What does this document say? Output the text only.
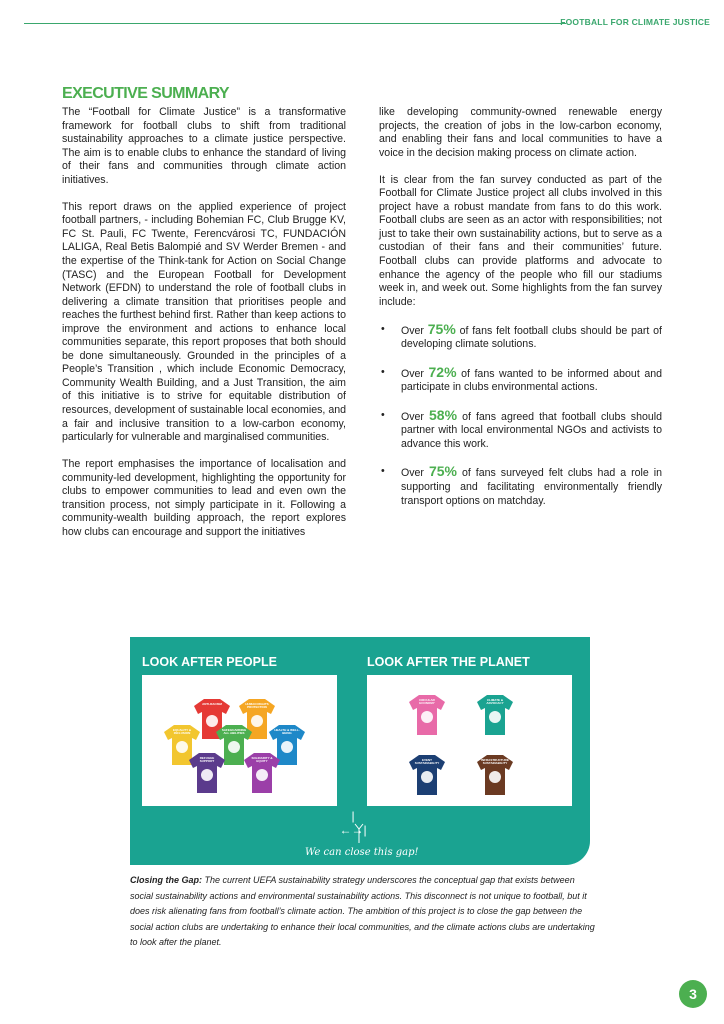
FOOTBALL FOR CLIMATE JUSTICE
EXECUTIVE SUMMARY

The “Football for Climate Justice” is a transformative framework for football clubs to shift from traditional sustainability approaches to a climate justice perspective. The aim is to enable clubs to enhance the standard of living of their fans and communities through climate action initiatives.

This report draws on the applied experience of project football partners, - including Bohemian FC, Club Brugge KV, FC St. Pauli, FC Twente, Ferencvárosi TC, FUNDACIÓN LALIGA, Real Betis Balompié and SV Werder Bremen - and the expertise of the Think-tank for Action on Social Change (TASC) and the European Football for Development Network (EFDN) to understand the role of football clubs in delivering a climate transition that prioritises people and reaches the furthest behind first. Rather than keep actions to improve the environment and actions to enhance local communities separate, this report proposes that both should be done simultaneously. Grounded in the principles of a People’s Transition , which include Economic Democracy, Community Wealth Building, and a Just Transition, the aim of this initiative is to strive for equitable distribution of resources, development of sustainable local economies, and a fair and inclusive transition to a low-carbon economy, particularly for vulnerable and marginalised communities.

The report emphasises the importance of localisation and community-led development, highlighting the opportunity for clubs to empower communities to lead and even own the transition process, not simply participate in it. Following a community-wealth building approach, the report explores how clubs can encourage and support the initiatives

like developing community-owned renewable energy projects, the creation of jobs in the low-carbon economy, and enabling their fans and local communities to have a voice in the decision making process on climate action.

It is clear from the fan survey conducted as part of the Football for Climate Justice project all clubs involved in this project have a robust mandate from fans to do this work. Football clubs are seen as an actor with responsibilities; not just to take their own sustainability actions, but to serve as a custodian of their fans and their communities’ future. Football clubs can provide platforms and advocate to enhance the agency of the people who fill our stadiums week in, and week out. Some highlights from the fan survey include:

• Over 75% of fans felt football clubs should be part of developing climate solutions.
• Over 72% of fans wanted to be informed about and participate in clubs environmental actions.
• Over 58% of fans agreed that football clubs should partner with local environmental NGOs and activists to advance this work.
• Over 75% of fans surveyed felt clubs had a role in supporting and facilitating environmentally friendly transport options on matchday.
LOOK AFTER PEOPLE	LOOK AFTER THE PLANET
ANTI-RACISM	HUMAN RIGHTS PROTECTION
EQUALITY & INCLUSION
SAFEGUARDING ALL ABILITIES
HEALTH & WELL-BEING
REFUGEE SUPPORT
SOLIDARITY & EQUITY
CIRCULAR ECONOMY
CLIMATE & ADVOCACY
EVENT SUSTAINABILITY
INFRASTRUCTURE SUSTAINABILITY
|←→|
We can close this gap!
Closing the Gap: The current UEFA sustainability strategy underscores the conceptual gap that exists between social sustainability actions and environmental sustainability actions. This disconnect is not unique to football, but it does risk alienating fans from football’s climate action. The ambition of this project is to close the gap between the social action clubs are undertaking to enhance their local communities, and the climate actions clubs are undertaking to look after the planet.
3
